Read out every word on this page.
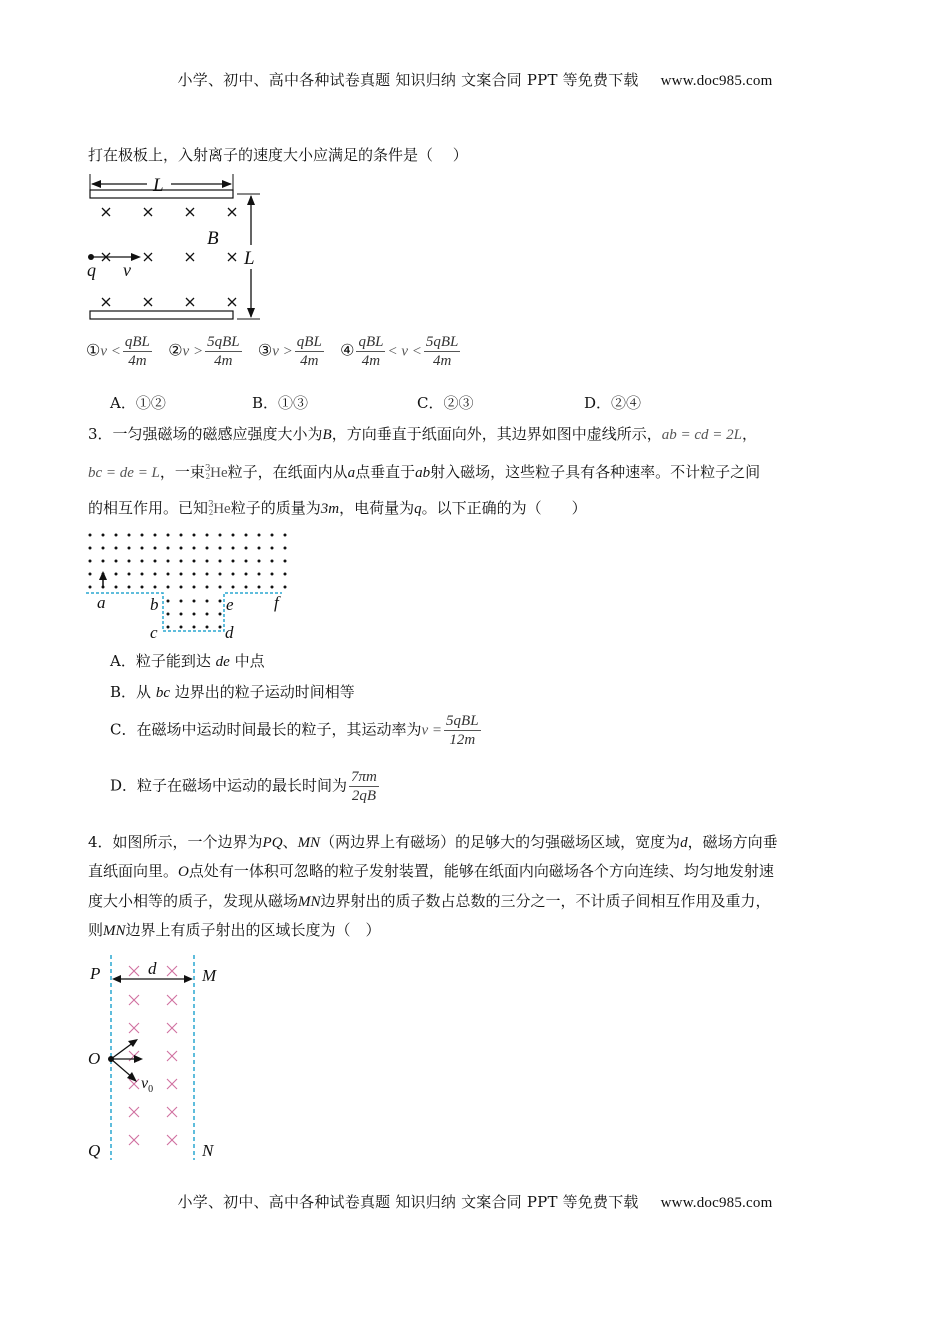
小学、初中、高中各种试卷真题 知识归纳 文案合同 PPT 等免费下载 www.doc985.com
打在极板上，入射离子的速度大小应满足的条件是（　 ）
L
L
B
q v
①v < $\frac{\text{qBL}}{4m}$ ②v > $\frac{\text{5qBL}}{4m}$ ③v > $\frac{\text{qBL}}{4m}$ ④ $\frac{\text{qBL}}{4m} < v < \frac{\text{5qBL}}{4m}$
A．①②	B．①③	C．②③	D．②④
3．一匀强磁场的磁感应强度大小为B，方向垂直于纸面向外，其边界如图中虚线所示，ab = cd = 2L，
bc = de = L，一束$^3_2$He粒子，在纸面内从a点垂直于ab射入磁场，这些粒子具有各种速率。不计粒子之间
的相互作用。已知$^3_2$He粒子的质量为3m，电荷量为q。以下正确的为（　　）
a	b
c	d
e f
A．粒子能到达 de 中点
B．从 bc 边界出的粒子运动时间相等
C．在磁场中运动时间最长的粒子，其运动率为$v = \frac{\text{5qBL}}{12m}$
D．粒子在磁场中运动的最长时间为 $\frac{7\pi m}{2qB}$
4．如图所示，一个边界为PQ、MN（两边界上有磁场）的足够大的匀强磁场区域，宽度为d，磁场方向垂
直纸面向里。O点处有一体积可忽略的粒子发射装置，能够在纸面内向磁场各个方向连续、均匀地发射速
度大小相等的质子，发现从磁场MN边界射出的质子数占总数的三分之一，不计质子间相互作用及重力，
则MN边界上有质子射出的区域长度为（　）
d
P	M
O
Q	N
$v_0$
小学、初中、高中各种试卷真题 知识归纳 文案合同 PPT 等免费下载 www.doc985.com
